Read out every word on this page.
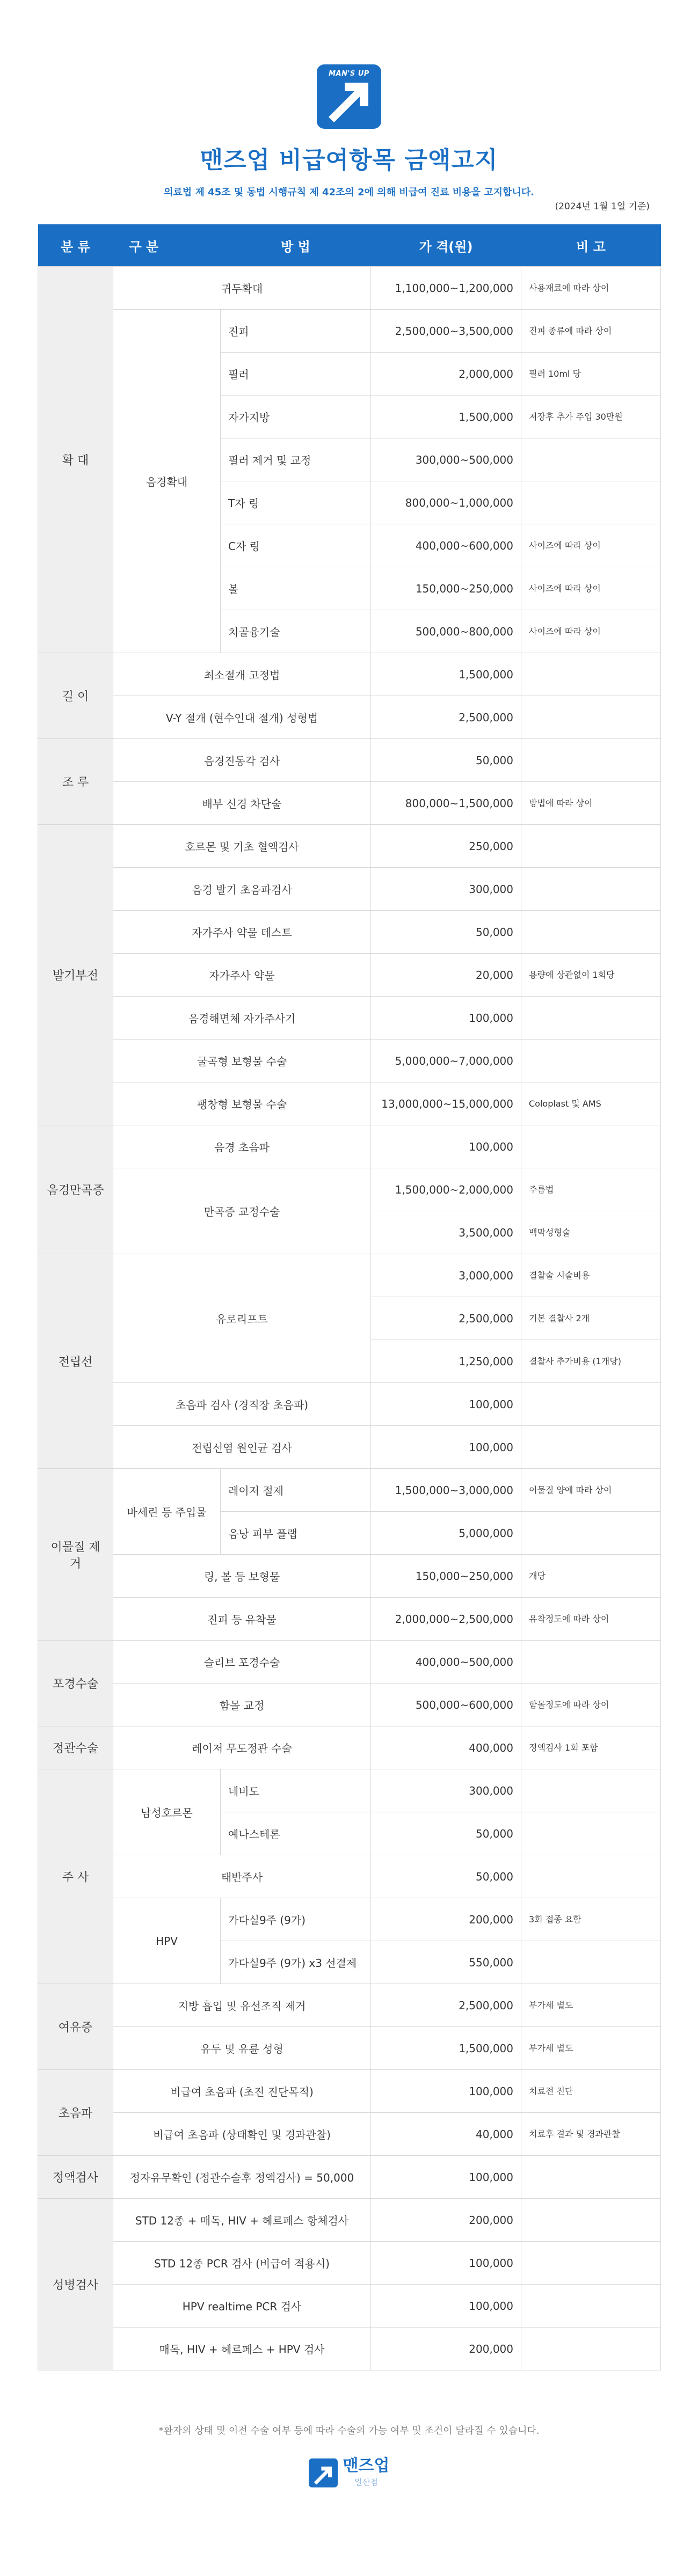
MAN'S UP
맨즈업 비급여항목 금액고지
의료법 제 45조 및 동법 시행규칙 제 42조의 2에 의해 비급여 진료 비용을 고지합니다.
(2024년 1월 1일 기준)
분 류	구 분	방 법	가 격(원)	비 고
확 대	귀두확대		1,100,000~1,200,000	사용재료에 따라 상이
	음경확대	진피	2,500,000~3,500,000	진피 종류에 따라 상이
		필러	2,000,000	필러 10ml 당
		자가지방	1,500,000	저장후 추가 주입 30만원
		필러 제거 및 교정	300,000~500,000	
		T자 링	800,000~1,000,000	
		C자 링	400,000~600,000	사이즈에 따라 상이
		볼	150,000~250,000	사이즈에 따라 상이
		치골융기술	500,000~800,000	사이즈에 따라 상이
길 이	최소절개 고정법		1,500,000	
	V-Y 절개 (현수인대 절개) 성형법		2,500,000	
조 루	음경진동각 검사		50,000	
	배부 신경 차단술		800,000~1,500,000	방법에 따라 상이
발기부전	호르몬 및 기초 혈액검사		250,000	
	음경 발기 초음파검사		300,000	
	자가주사 약물 테스트		50,000	
	자가주사 약물		20,000	용량에 상관없이 1회당
	음경해면체 자가주사기		100,000	
	굴곡형 보형물 수술		5,000,000~7,000,000	
	팽창형 보형물 수술		13,000,000~15,000,000	Coloplast 및 AMS
음경만곡증	음경 초음파		100,000	
	만곡증 교정수술		1,500,000~2,000,000	주름법
			3,500,000	백막성형술
전립선	유로리프트		3,000,000	결찰술 시술비용
			2,500,000	기본 결찰사 2개
			1,250,000	결찰사 추가비용 (1개당)
	초음파 검사 (경직장 초음파)		100,000	
	전립선염 원인균 검사		100,000	
이물질 제거	바세린 등 주입물	레이저 절제	1,500,000~3,000,000	이물질 양에 따라 상이
		음낭 피부 플랩	5,000,000	
	링, 볼 등 보형물		150,000~250,000	개당
	진피 등 유착물		2,000,000~2,500,000	유착정도에 따라 상이
포경수술	슬리브 포경수술		400,000~500,000	
	함몰 교정		500,000~600,000	함몰정도에 따라 상이
정관수술	레이저 무도정관 수술		400,000	정액검사 1회 포함
주 사	남성호르몬	네비도	300,000	
		예나스테론	50,000	
	태반주사		50,000	
	HPV	가다실9주 (9가)	200,000	3회 접종 요함
		가다실9주 (9가) x3 선결제	550,000	
여유증	지방 흡입 및 유선조직 제거		2,500,000	부가세 별도
	유두 및 유륜 성형		1,500,000	부가세 별도
초음파	비급여 초음파 (초진 진단목적)		100,000	치료전 진단
	비급여 초음파 (상태확인 및 경과관찰)		40,000	치료후 결과 및 경과관찰
정액검사	정자유무확인 (정관수술후 정액검사) = 50,000		100,000	
성병검사	STD 12종 + 매독, HIV + 헤르페스 항체검사		200,000	
	STD 12종 PCR 검사 (비급여 적용시)		100,000	
	HPV realtime PCR 검사		100,000	
	매독, HIV + 헤르페스 + HPV 검사		200,000	
*환자의 상태 및 이전 수술 여부 등에 따라 수술의 가능 여부 및 조건이 달라질 수 있습니다.
맨즈업
일산점
